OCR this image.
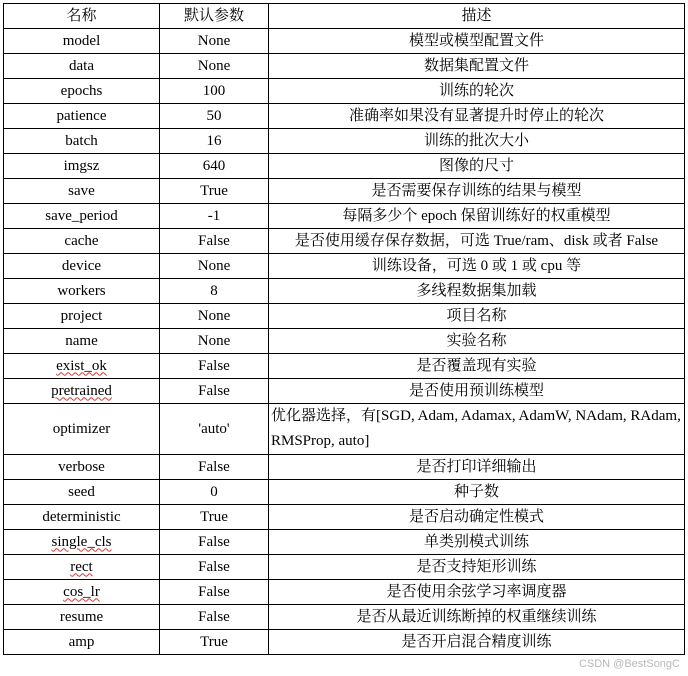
名称	默认参数	描述
model	None	模型或模型配置文件
data	None	数据集配置文件
epochs	100	训练的轮次
patience	50	准确率如果没有显著提升时停止的轮次
batch	16	训练的批次大小
imgsz	640	图像的尺寸
save	True	是否需要保存训练的结果与模型
save_period	-1	每隔多少个 epoch 保留训练好的权重模型
cache	False	是否使用缓存保存数据，可选 True/ram、disk 或者 False
device	None	训练设备，可选 0 或 1 或 cpu 等
workers	8	多线程数据集加载
project	None	项目名称
name	None	实验名称
exist_ok	False	是否覆盖现有实验
pretrained	False	是否使用预训练模型
optimizer	'auto'	优化器选择，有[SGD, Adam, Adamax, AdamW, NAdam, RAdam, RMSProp, auto]
verbose	False	是否打印详细输出
seed	0	种子数
deterministic	True	是否启动确定性模式
single_cls	False	单类别模式训练
rect	False	是否支持矩形训练
cos_lr	False	是否使用余弦学习率调度器
resume	False	是否从最近训练断掉的权重继续训练
amp	True	是否开启混合精度训练
CSDN @BestSongC
